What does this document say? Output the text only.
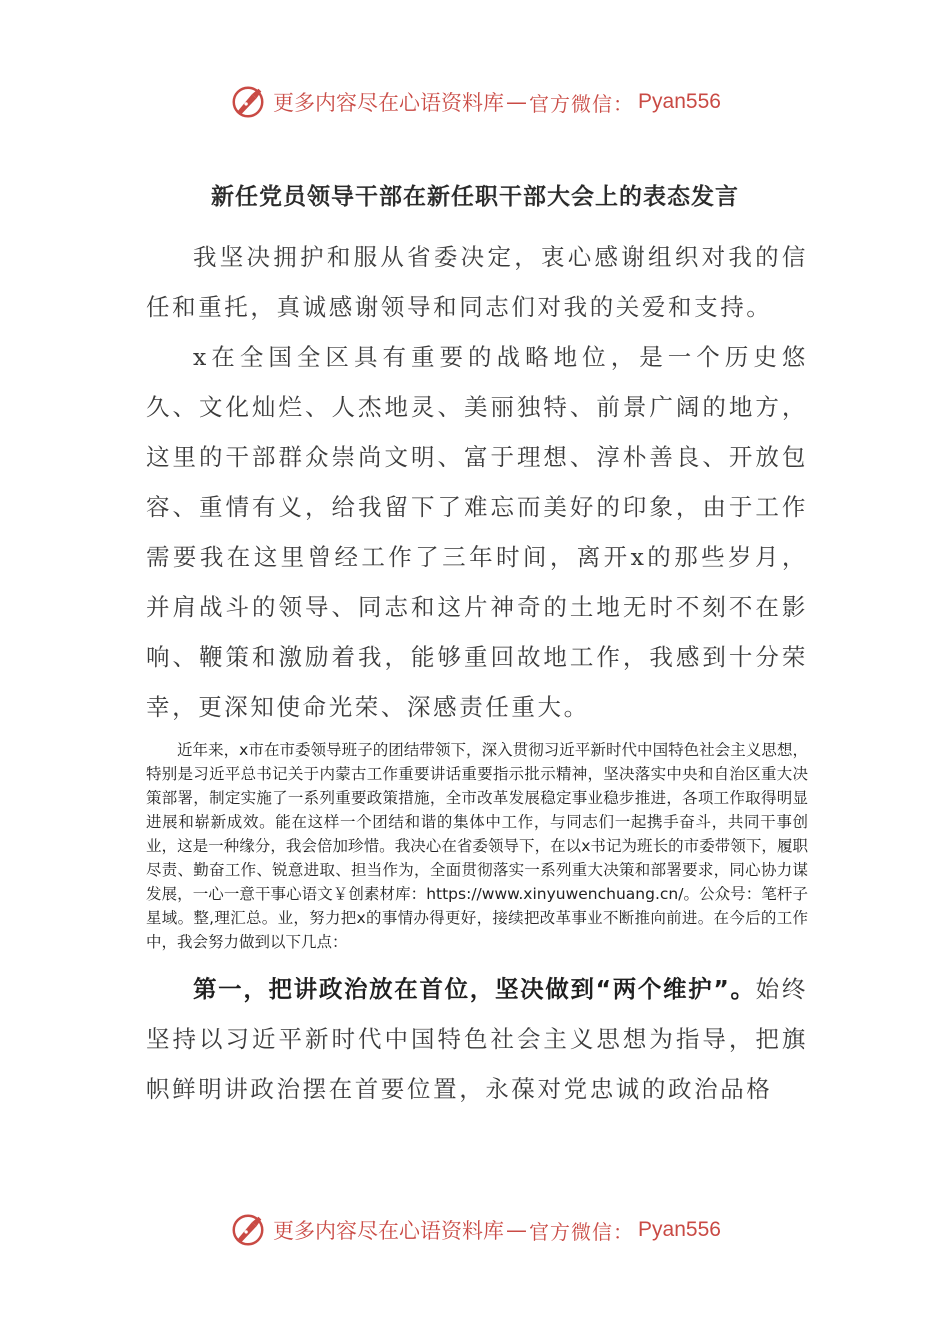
更多内容尽在心语资料库 — 官方微信： Pyan556
新任党员领导干部在新任职干部大会上的表态发言

我坚决拥护和服从省委决定，衷心感谢组织对我的信任和重托，真诚感谢领导和同志们对我的关爱和支持。

x在全国全区具有重要的战略地位，是一个历史悠久、文化灿烂、人杰地灵、美丽独特、前景广阔的地方，这里的干部群众崇尚文明、富于理想、淳朴善良、开放包容、重情有义，给我留下了难忘而美好的印象，由于工作需要我在这里曾经工作了三年时间，离开x的那些岁月，并肩战斗的领导、同志和这片神奇的土地无时不刻不在影响、鞭策和激励着我，能够重回故地工作，我感到十分荣幸，更深知使命光荣、深感责任重大。

近年来，x市在市委领导班子的团结带领下，深入贯彻习近平新时代中国特色社会主义思想，特别是习近平总书记关于内蒙古工作重要讲话重要指示批示精神，坚决落实中央和自治区重大决策部署，制定实施了一系列重要政策措施，全市改革发展稳定事业稳步推进，各项工作取得明显进展和崭新成效。能在这样一个团结和谐的集体中工作，与同志们一起携手奋斗，共同干事创业，这是一种缘分，我会倍加珍惜。我决心在省委领导下，在以x书记为班长的市委带领下，履职尽责、勤奋工作、锐意进取、担当作为，全面贯彻落实一系列重大决策和部署要求，同心协力谋发展，一心一意干事心语文￥创素材库：https://www.xinyuwenchuang.cn/。公众号：笔杆子星域。整,理汇总。业，努力把x的事情办得更好，接续把改革事业不断推向前进。在今后的工作中，我会努力做到以下几点：

第一，把讲政治放在首位，坚决做到“两个维护”。始终坚持以习近平新时代中国特色社会主义思想为指导，把旗帜鲜明讲政治摆在首要位置，永葆对党忠诚的政治品格

更多内容尽在心语资料库 — 官方微信： Pyan556
